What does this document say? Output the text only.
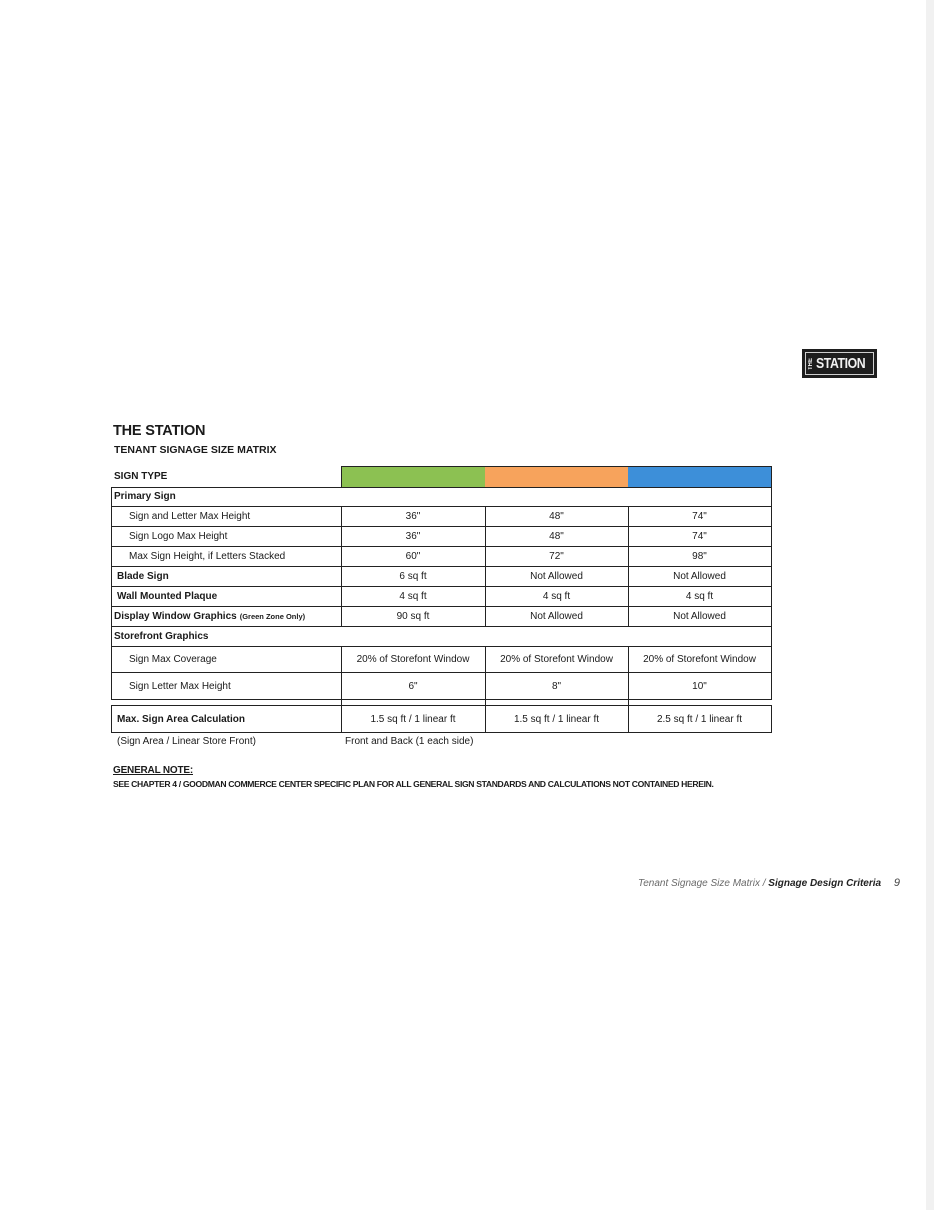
THE STATION
THE STATION
TENANT SIGNAGE SIZE MATRIX
SIGN TYPE
Primary Sign
Sign and Letter Max Height	36"	48"	74"
Sign Logo Max Height	36"	48"	74"
Max Sign Height, if Letters Stacked	60"	72"	98"
Blade Sign	6 sq ft	Not Allowed	Not Allowed
Wall Mounted Plaque	4 sq ft	4 sq ft	4 sq ft
Display Window Graphics (Green Zone Only)	90 sq ft	Not Allowed	Not Allowed
Storefront Graphics
Sign Max Coverage	20% of Storefont Window	20% of Storefont Window	20% of Storefont Window
Sign Letter Max Height	6"	8"	10"
Max. Sign Area Calculation	1.5 sq ft / 1 linear ft	1.5 sq ft / 1 linear ft	2.5 sq ft / 1 linear ft
(Sign Area / Linear Store Front)	Front and Back (1 each side)
GENERAL NOTE:
SEE CHAPTER 4 / GOODMAN COMMERCE CENTER SPECIFIC PLAN FOR ALL GENERAL SIGN STANDARDS AND CALCULATIONS NOT CONTAINED HEREIN.
Tenant Signage Size Matrix / Signage Design Criteria 9
